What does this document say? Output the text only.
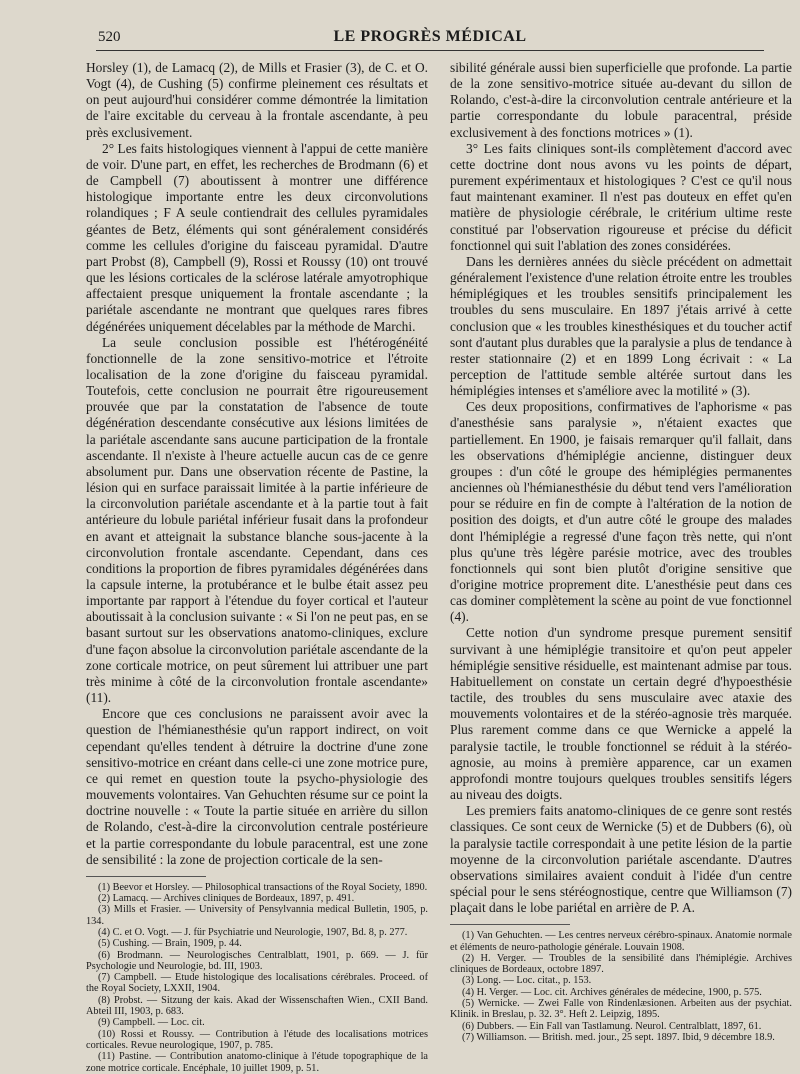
520	LE PROGRÈS MÉDICAL

Horsley (1), de Lamacq (2), de Mills et Frasier (3), de C. et O. Vogt (4), de Cushing (5) confirme pleinement ces résultats et on peut aujourd'hui considérer comme démontrée la limitation de l'aire excitable du cerveau à la frontale ascendante, à peu près exclusivement.

2° Les faits histologiques viennent à l'appui de cette manière de voir. D'une part, en effet, les recherches de Brodmann (6) et de Campbell (7) aboutissent à montrer une différence histologique importante entre les deux circonvolutions rolandiques ; F A seule contiendrait des cellules pyramidales géantes de Betz, éléments qui sont généralement considérés comme les cellules d'origine du faisceau pyramidal. D'autre part Probst (8), Campbell (9), Rossi et Roussy (10) ont trouvé que les lésions corticales de la sclérose latérale amyotrophique affectaient presque uniquement la frontale ascendante ; la pariétale ascendante ne montrant que quelques rares fibres dégénérées uniquement décelables par la méthode de Marchi.

La seule conclusion possible est l'hétérogénéité fonctionnelle de la zone sensitivo-motrice et l'étroite localisation de la zone d'origine du faisceau pyramidal. Toutefois, cette conclusion ne pourrait être rigoureusement prouvée que par la constatation de l'absence de toute dégénération descendante consécutive aux lésions limitées de la pariétale ascendante sans aucune participation de la frontale ascendante. Il n'existe à l'heure actuelle aucun cas de ce genre absolument pur. Dans une observation récente de Pastine, la lésion qui en surface paraissait limitée à la partie inférieure de la circonvolution pariétale ascendante et à la partie tout à fait antérieure du lobule pariétal inférieur fusait dans la profondeur en avant et atteignait la substance blanche sous-jacente à la circonvolution frontale ascendante. Cependant, dans ces conditions la proportion de fibres pyramidales dégénérées dans la capsule interne, la protubérance et le bulbe était assez peu importante par rapport à l'étendue du foyer cortical et l'auteur aboutissait à la conclusion suivante : « Si l'on ne peut pas, en se basant surtout sur les observations anatomo-cliniques, exclure d'une façon absolue la circonvolution pariétale ascendante de la zone corticale motrice, on peut sûrement lui attribuer une part très minime à côté de la circonvolution frontale ascendante» (11).

Encore que ces conclusions ne paraissent avoir avec la question de l'hémianesthésie qu'un rapport indirect, on voit cependant qu'elles tendent à détruire la doctrine d'une zone sensitivo-motrice en créant dans celle-ci une zone motrice pure, ce qui remet en question toute la psycho-physiologie des mouvements volontaires. Van Gehuchten résume sur ce point la doctrine nouvelle : « Toute la partie située en arrière du sillon de Rolando, c'est-à-dire la circonvolution centrale postérieure et la partie correspondante du lobule paracentral, est une zone de sensibilité : la zone de projection corticale de la sen-

(1) Beevor et Horsley. — Philosophical transactions of the Royal Society, 1890.

(2) Lamacq. — Archives cliniques de Bordeaux, 1897, p. 491.

(3) Mills et Frasier. — University of Pensylvannia medical Bulletin, 1905, p. 134.

(4) C. et O. Vogt. — J. für Psychiatrie und Neurologie, 1907, Bd. 8, p. 277.

(5) Cushing. — Brain, 1909, p. 44.

(6) Brodmann. — Neurologisches Centralblatt, 1901, p. 669. — J. für Psychologie und Neurologie, bd. III, 1903.

(7) Campbell. — Etude histologique des localisations cérébrales. Proceed. of the Royal Society, LXXII, 1904.

(8) Probst. — Sitzung der kais. Akad der Wissenschaften Wien., CXII Band. Abteil III, 1903, p. 683.

(9) Campbell. — Loc. cit.

(10) Rossi et Roussy. — Contribution à l'étude des localisations motrices corticales. Revue neurologique, 1907, p. 785.

(11) Pastine. — Contribution anatomo-clinique à l'étude topographique de la zone motrice corticale. Encéphale, 10 juillet 1909, p. 51.

sibilité générale aussi bien superficielle que profonde. La partie de la zone sensitivo-motrice située au-devant du sillon de Rolando, c'est-à-dire la circonvolution centrale antérieure et la partie correspondante du lobule paracentral, préside exclusivement à des fonctions motrices » (1).

3° Les faits cliniques sont-ils complètement d'accord avec cette doctrine dont nous avons vu les points de départ, purement expérimentaux et histologiques ? C'est ce qu'il nous faut maintenant examiner. Il n'est pas douteux en effet qu'en matière de physiologie cérébrale, le critérium ultime reste constitué par l'observation rigoureuse et précise du déficit fonctionnel qui suit l'ablation des zones considérées.

Dans les dernières années du siècle précédent on admettait généralement l'existence d'une relation étroite entre les troubles hémiplégiques et les troubles sensitifs principalement les troubles du sens musculaire. En 1897 j'étais arrivé à cette conclusion que « les troubles kinesthésiques et du toucher actif sont d'autant plus durables que la paralysie a plus de tendance à rester stationnaire (2) et en 1899 Long écrivait : « La perception de l'attitude semble altérée surtout dans les hémiplégies intenses et s'améliore avec la motilité » (3).

Ces deux propositions, confirmatives de l'aphorisme « pas d'anesthésie sans paralysie », n'étaient exactes que partiellement. En 1900, je faisais remarquer qu'il fallait, dans les observations d'hémiplégie ancienne, distinguer deux groupes : d'un côté le groupe des hémiplégies permanentes anciennes où l'hémianesthésie du début tend vers l'amélioration pour se réduire en fin de compte à l'altération de la notion de position des doigts, et d'un autre côté le groupe des malades dont l'hémiplégie a regressé d'une façon très nette, qui n'ont plus qu'une très légère parésie motrice, avec des troubles fonctionnels qui sont bien plutôt d'origine sensitive que d'origine motrice proprement dite. L'anesthésie peut dans ces cas dominer complètement la scène au point de vue fonctionnel (4).

Cette notion d'un syndrome presque purement sensitif survivant à une hémiplégie transitoire et qu'on peut appeler hémiplégie sensitive résiduelle, est maintenant admise par tous. Habituellement on constate un certain degré d'hypoesthésie tactile, des troubles du sens musculaire avec ataxie des mouvements volontaires et de la stéréo-agnosie très marquée. Plus rarement comme dans ce que Wernicke a appelé la paralysie tactile, le trouble fonctionnel se réduit à la stéréo-agnosie, au moins à première apparence, car un examen approfondi montre toujours quelques troubles sensitifs légers au niveau des doigts.

Les premiers faits anatomo-cliniques de ce genre sont restés classiques. Ce sont ceux de Wernicke (5) et de Dubbers (6), où la paralysie tactile correspondait à une petite lésion de la partie moyenne de la circonvolution pariétale ascendante. D'autres observations similaires avaient conduit à l'idée d'un centre spécial pour le sens stéréognostique, centre que Williamson (7) plaçait dans le lobe pariétal en arrière de P. A.

(1) Van Gehuchten. — Les centres nerveux cérébro-spinaux. Anatomie normale et éléments de neuro-pathologie générale. Louvain 1908.

(2) H. Verger. — Troubles de la sensibilité dans l'hémiplégie. Archives cliniques de Bordeaux, octobre 1897.

(3) Long. — Loc. citat., p. 153.

(4) H. Verger. — Loc. cit. Archives générales de médecine, 1900, p. 575.

(5) Wernicke. — Zwei Falle von Rindenlæsionen. Arbeiten aus der psychiat. Klinik. in Breslau, p. 32. 3°. Heft 2. Leipzig, 1895.

(6) Dubbers. — Ein Fall van Tastlamung. Neurol. Centralblatt, 1897, 61.

(7) Williamson. — British. med. jour., 25 sept. 1897. Ibid, 9 décembre 18.9.
